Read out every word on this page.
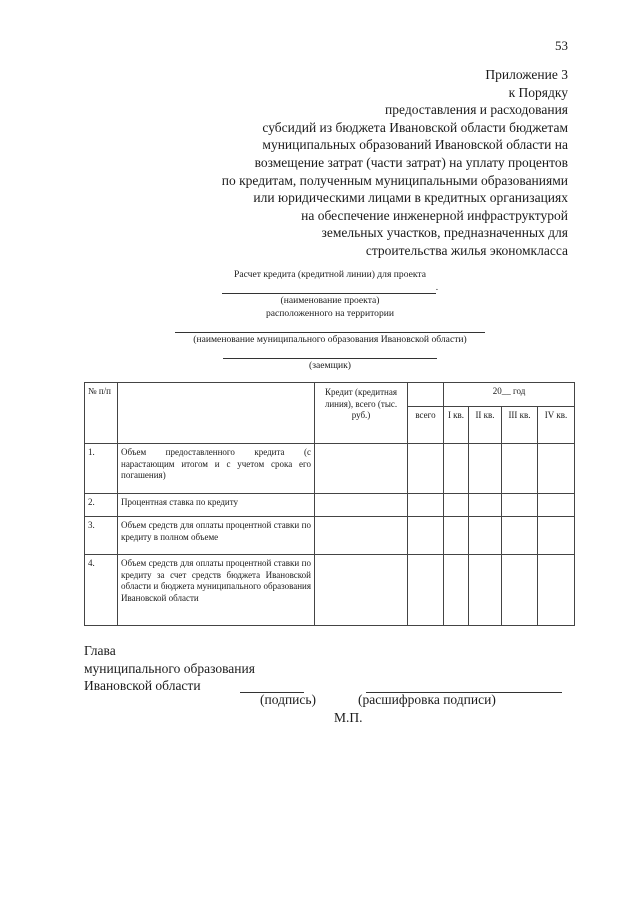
53
Приложение 3
к Порядку
предоставления и расходования
субсидий из бюджета Ивановской области бюджетам
муниципальных образований Ивановской области на
возмещение затрат (части затрат) на уплату процентов
по кредитам, полученным муниципальными образованиями
или юридическими лицами в кредитных организациях
на обеспечение инженерной инфраструктурой
земельных участков, предназначенных для
строительства жилья экономкласса
Расчет кредита (кредитной линии) для проекта
.
(наименование проекта)
расположенного на территории
(наименование муниципального образования Ивановской области)
(заемщик)
№ п/п		Кредит (кредитная линия), всего (тыс. руб.)		20__ год			
			всего	I кв.	II кв.	III кв.	IV кв.
1.	Объем предоставленного кредита (с нарастающим итогом и с учетом срока его погашения)						
2.	Процентная ставка по кредиту						
3.	Объем средств для оплаты процентной ставки по кредиту в полном объеме						
4.	Объем средств для оплаты процентной ставки по кредиту за счет средств бюджета Ивановской области и бюджета муниципального образования Ивановской области						
Глава
муниципального образования
Ивановской области
(подпись)	(расшифровка подписи)
М.П.
